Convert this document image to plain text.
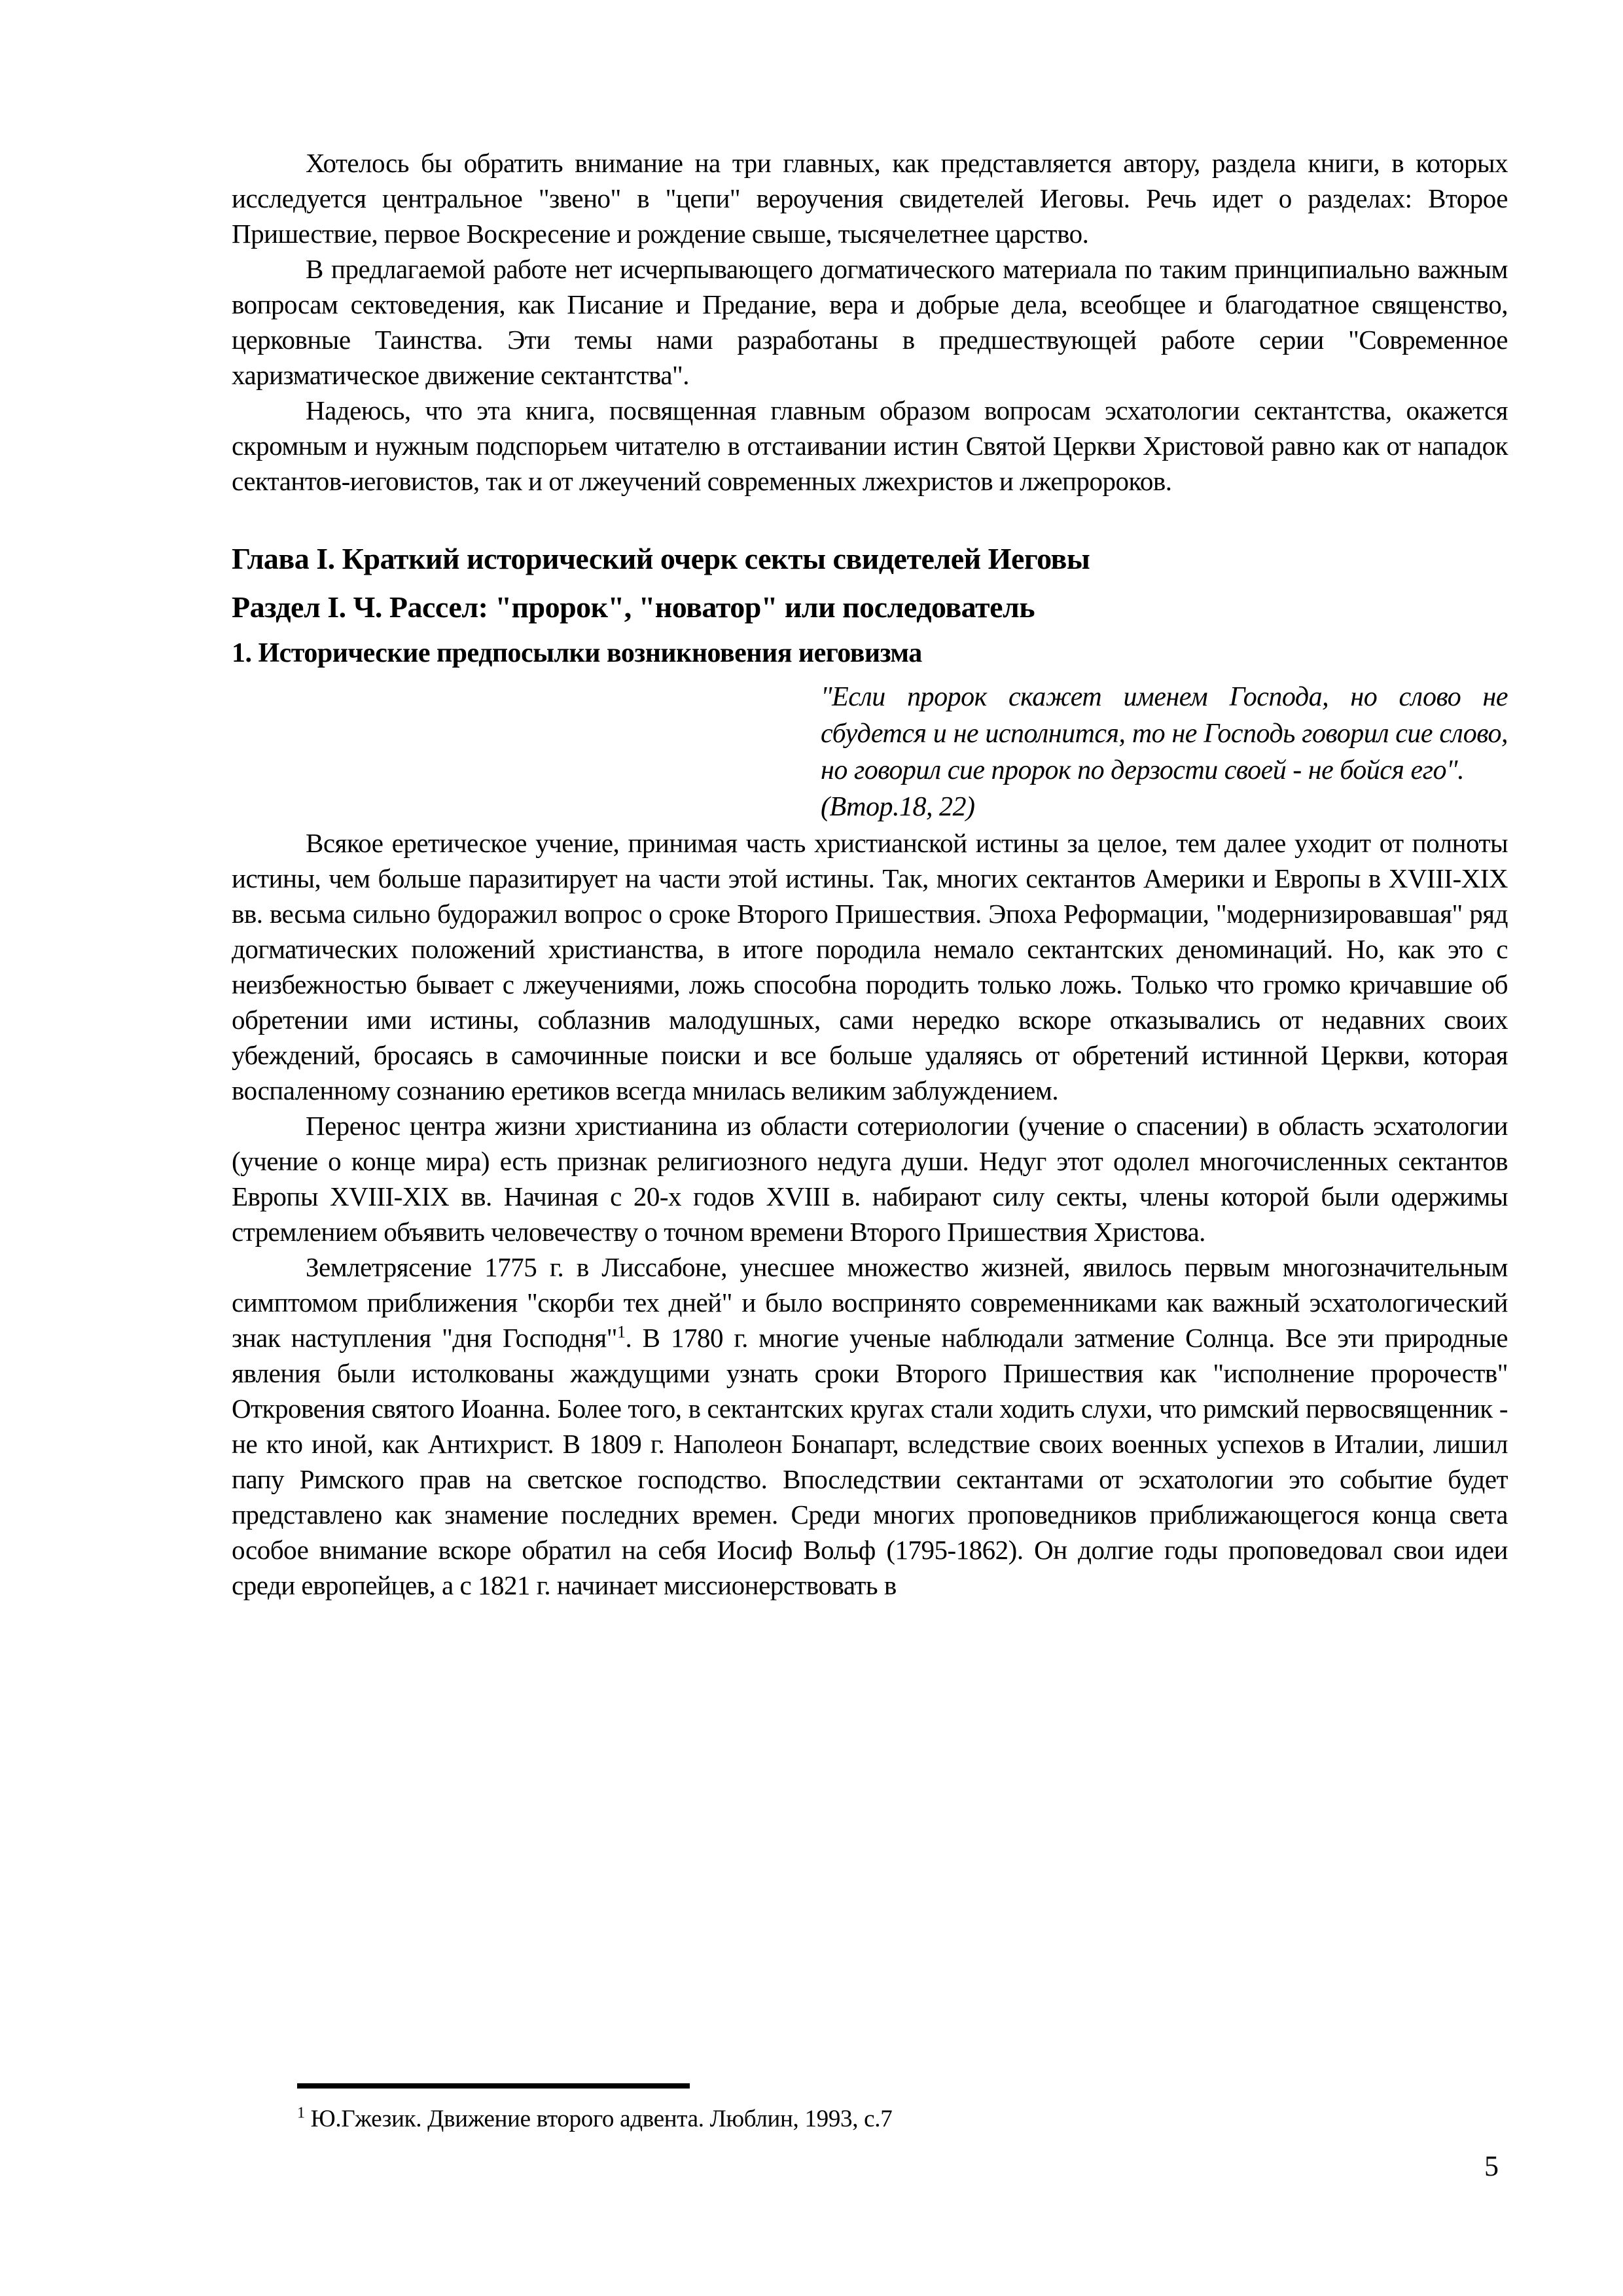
Хотелось бы обратить внимание на три главных, как представляется автору, раздела книги, в которых исследуется центральное "звено" в "цепи" вероучения свидетелей Иеговы. Речь идет о разделах: Второе Пришествие, первое Воскресение и рождение свыше, тысячелетнее царство.

В предлагаемой работе нет исчерпывающего догматического материала по таким принципиально важным вопросам сектоведения, как Писание и Предание, вера и добрые дела, всеобщее и благодатное священство, церковные Таинства. Эти темы нами разработаны в предшествующей работе серии "Современное харизматическое движение сектантства".

Надеюсь, что эта книга, посвященная главным образом вопросам эсхатологии сектантства, окажется скромным и нужным подспорьем читателю в отстаивании истин Святой Церкви Христовой равно как от нападок сектантов-иеговистов, так и от лжеучений современных лжехристов и лжепророков.

Глава I. Краткий исторический очерк секты свидетелей Иеговы
Раздел I. Ч. Рассел: "пророк", "новатор" или последователь
1. Исторические предпосылки возникновения иеговизма
"Если пророк скажет именем Господа, но слово не сбудется и не исполнится, то не Господь говорил сие слово, но говорил сие пророк по дерзости своей - не бойся его".
(Втор.18, 22)

Всякое еретическое учение, принимая часть христианской истины за целое, тем далее уходит от полноты истины, чем больше паразитирует на части этой истины. Так, многих сектантов Америки и Европы в XVIII-XIX вв. весьма сильно будоражил вопрос о сроке Второго Пришествия. Эпоха Реформации, "модернизировавшая" ряд догматических положений христианства, в итоге породила немало сектантских деноминаций. Но, как это с неизбежностью бывает с лжеучениями, ложь способна породить только ложь. Только что громко кричавшие об обретении ими истины, соблазнив малодушных, сами нередко вскоре отказывались от недавних своих убеждений, бросаясь в самочинные поиски и все больше удаляясь от обретений истинной Церкви, которая воспаленному сознанию еретиков всегда мнилась великим заблуждением.

Перенос центра жизни христианина из области сотериологии (учение о спасении) в область эсхатологии (учение о конце мира) есть признак религиозного недуга души. Недуг этот одолел многочисленных сектантов Европы XVIII-XIX вв. Начиная с 20-х годов XVIII в. набирают силу секты, члены которой были одержимы стремлением объявить человечеству о точном времени Второго Пришествия Христова.

Землетрясение 1775 г. в Лиссабоне, унесшее множество жизней, явилось первым многозначительным симптомом приближения "скорби тех дней" и было воспринято современниками как важный эсхатологический знак наступления "дня Господня"$^1$. В 1780 г. многие ученые наблюдали затмение Солнца. Все эти природные явления были истолкованы жаждущими узнать сроки Второго Пришествия как "исполнение пророчеств" Откровения святого Иоанна. Более того, в сектантских кругах стали ходить слухи, что римский первосвященник - не кто иной, как Антихрист. В 1809 г. Наполеон Бонапарт, вследствие своих военных успехов в Италии, лишил папу Римского прав на светское господство. Впоследствии сектантами от эсхатологии это событие будет представлено как знамение последних времен. Среди многих проповедников приближающегося конца света особое внимание вскоре обратил на себя Иосиф Вольф (1795-1862). Он долгие годы проповедовал свои идеи среди европейцев, а с 1821 г. начинает миссионерствовать в

$^1$ Ю.Гжезик. Движение второго адвента. Люблин, 1993, с.7

5
